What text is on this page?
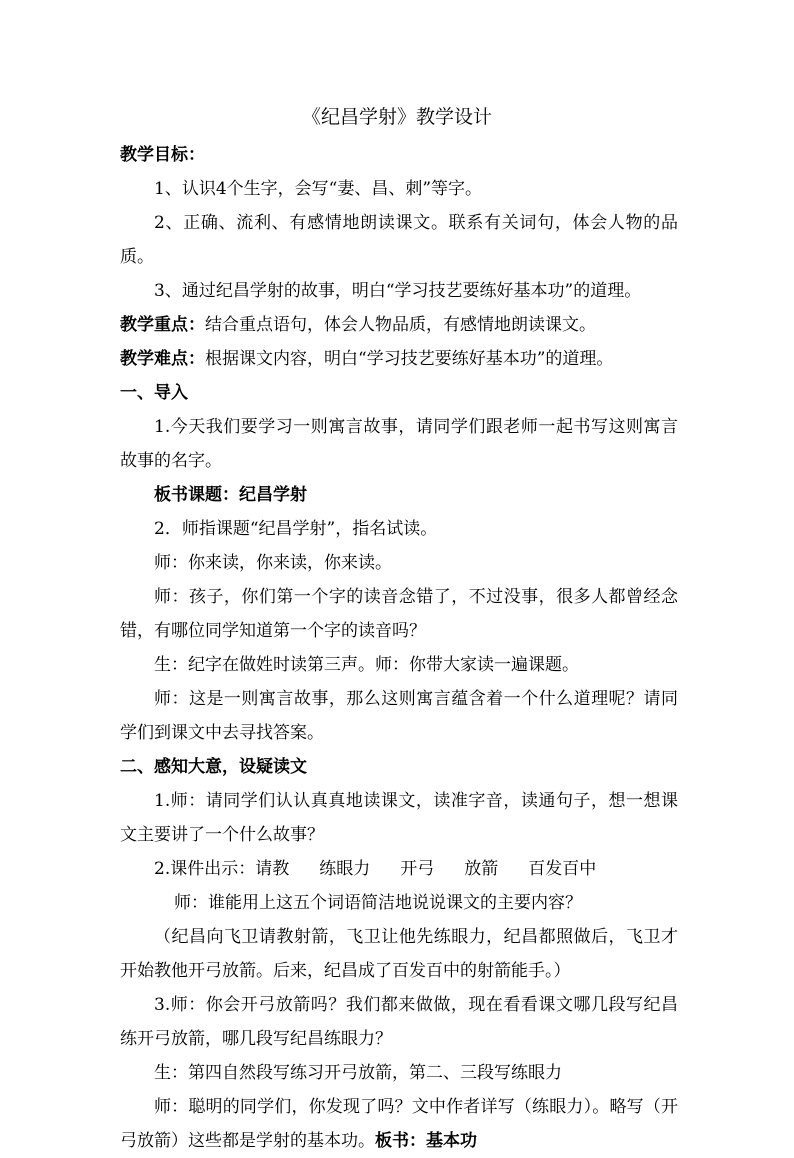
《纪昌学射》教学设计

教学目标：

1、认识4个生字，会写“妻、昌、刺”等字。

2、正确、流利、有感情地朗读课文。联系有关词句，体会人物的品质。

3、通过纪昌学射的故事，明白“学习技艺要练好基本功”的道理。

教学重点：结合重点语句，体会人物品质，有感情地朗读课文。

教学难点：根据课文内容，明白“学习技艺要练好基本功”的道理。

一、导入

1.今天我们要学习一则寓言故事，请同学们跟老师一起书写这则寓言故事的名字。

板书课题：纪昌学射

2．师指课题“纪昌学射”，指名试读。

师：你来读，你来读，你来读。

师：孩子，你们第一个字的读音念错了，不过没事，很多人都曾经念错，有哪位同学知道第一个字的读音吗？

生：纪字在做姓时读第三声。师：你带大家读一遍课题。

师：这是一则寓言故事，那么这则寓言蕴含着一个什么道理呢？请同学们到课文中去寻找答案。

二、感知大意，设疑读文

1.师：请同学们认认真真地读课文，读准字音，读通句子，想一想课文主要讲了一个什么故事？

2.课件出示：请教 练眼力 开弓 放箭 百发百中

师：谁能用上这五个词语简洁地说说课文的主要内容？

（纪昌向飞卫请教射箭，飞卫让他先练眼力，纪昌都照做后，飞卫才开始教他开弓放箭。后来，纪昌成了百发百中的射箭能手。）

3.师：你会开弓放箭吗？我们都来做做，现在看看课文哪几段写纪昌练开弓放箭，哪几段写纪昌练眼力？

生：第四自然段写练习开弓放箭，第二、三段写练眼力

师：聪明的同学们，你发现了吗？文中作者详写（练眼力）。略写（开弓放箭）这些都是学射的基本功。板书：基本功
